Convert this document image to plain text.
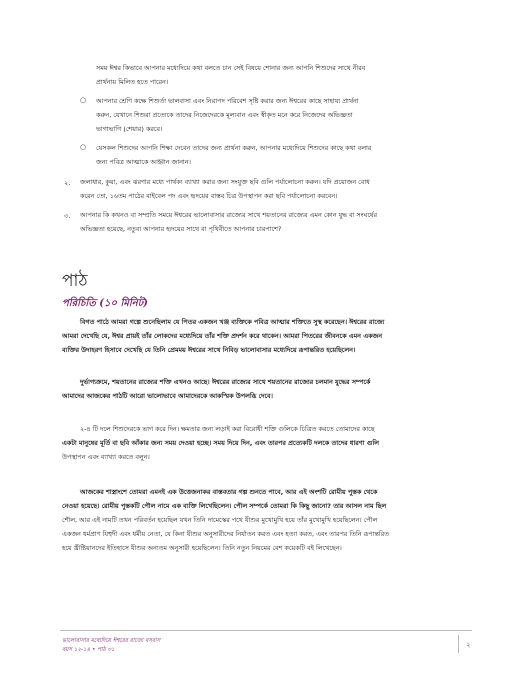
সময় ঈশ্বর কিভাবে আপনার মধ্যেদিয়ে কথা বলতে চান সেই বিষয়ে শোনার জন্য আপনি শিশুদের সাথে নীরব
প্রার্থনায় মিলিত হতে পারেন।
○ আপনার শ্রেণি কক্ষে শিশুর্তা ভালবাসা এবং নিরাপদ পরিবেশ সৃষ্টি করার জন্য ঈশ্বরের কাছে সাহায্য প্রার্থনা
করুন, যেখানে শিশুরা প্রত্যেকে তাদের নিজেদেরকে মূল্যবান এবং স্বীকৃত মনে করে নিজেদের অভিজ্ঞতা
ভাগাভাগি (শেয়ার) করবে।
○ যেসকল শিশুদের আপনি শিক্ষা দেবেন তাদের জন্য প্রার্থনা করুন, আপনার মধ্যেদিয়ে শিশুদের কাছে কথা বলার
জন্য পবিত্র আত্মাকে আহ্বান জানান।
২. জলাধার, কুয়া, এবং ঝরণার মধ্যে পার্থক্য ব্যাখ্যা করার জন্য সংযুক্ত ছবি গুলি পর্যালোচনা করুন। যদি প্রয়োজন বোধ
করেন তো, ১৬তম পাঠের বাইবেল পদ এবং হৃদয়ের বাস্তব চিত্র উপস্থাপন করা ছবি পর্যালোচনা করবেন।
৩. আপনার কি কখনও বা সম্প্রতি সময়ে ঈশ্বরের ভালোবাসার রাজ্যের সাথে শয়তানের রাজ্যের এমন কোন যুদ্ধ বা সংঘর্ষের
অভিজ্ঞতা হয়েছে, নতুবা আপনার হৃদয়ের সাথে বা পৃথিবীতে আপনার চারপাশে?
পাঠ
পরিচিতি (১০ মিনিট)
বিগত পাঠে আমরা গল্পে শুনেছিলাম যে পিতর একজন খঞ্জ ব্যক্তিকে পবিত্র আত্মার শক্তিতে সুস্থ করেছেন। ঈশ্বরের রাজ্যে
আমরা দেখেছি যে, ঈশ্বর প্রায়ই তাঁর লোকদের মধ্যেদিয়ে তাঁর শক্তি প্রদর্শন করে থাকেন। আমরা পিতরের জীবনকে এমন একজন
ব্যক্তির উদাহরণ হিসাবে দেখেছি যে তিনি প্রেমময় ঈশ্বরের সাথে নিবিড় ভালোবাসার মধ্যেদিয়ে রূপান্তরিত হয়েছিলেন।
দুর্ভাগ্যক্রমে, শয়তানের রাজ্যের শক্তি এখনও আছে। ঈশ্বরের রাজ্যের সাথে শয়তানের রাজ্যের চলমান যুদ্ধের সম্পর্কে
আমাদের আজকের পাঠটি আরো ভালোভাবে আমাদেরকে আকস্মিক উপলব্ধি দেবে।
২-৪ টি দলে শিশুদেরকে ভাগ করে দিন। ক্ষমতার জন্য লড়াই করা বিরোধী শক্তি গুলিকে চিত্রিত করতে তোমাদের কাছে
একটা মানুষের মূর্তি বা ছবি আঁকার জন্য সময় দেওয়া হচ্ছে। সময় দিয়ে দিন, এবং তারপর প্রত্যেকটি দলকে তাদের ধারণা গুলি
উপস্থাপন এবং ব্যাখ্যা করতে বলুন।
আজকের শাস্ত্রাংশে তোমরা এমনই এক উত্তেজনাকর বাস্তবতার গল্প শুনতে পাবে, আর এই অংশটি রোমীয় পুস্তক থেকে
নেওয়া হয়েছে। রোমীয় পুস্তকটি পৌল নামে এক ব্যক্তি লিখেছিলেন। পৌল সম্পর্কে তোমরা কি কিছু জানো? তার আসল নাম ছিল
শৌল, আর এই নামটি তখন পরিবর্তন হয়েছিল যখন তিনি দামেস্কের পথে যীশুর মুখোমুখি হয়ে তাঁর মুখোমুখি হয়েছিলেন। পৌল
একজন ধর্মপ্রাণ যিহুদী এবং ধর্মীয় নেতা, যে কিনা যীশুর অনুসারীদের নির্যাতন করত এবং হত্যা করত, এবং তারপর তিনি রূপান্তরিত
হয়ে খ্রীষ্টিয়ানদের ইতিহাসে যীশুর অন্যতম অনুসারী হয়েছিলেন। তিনি নতুন নিয়মের বেশ কয়েকটি বই লিখেছেন।
ভালোবাসার মধ্যেদিয়ে ঈশ্বরের রাজ্যে বসবাস
বয়স ১২-১৪ • পাঠ ৩১
২
